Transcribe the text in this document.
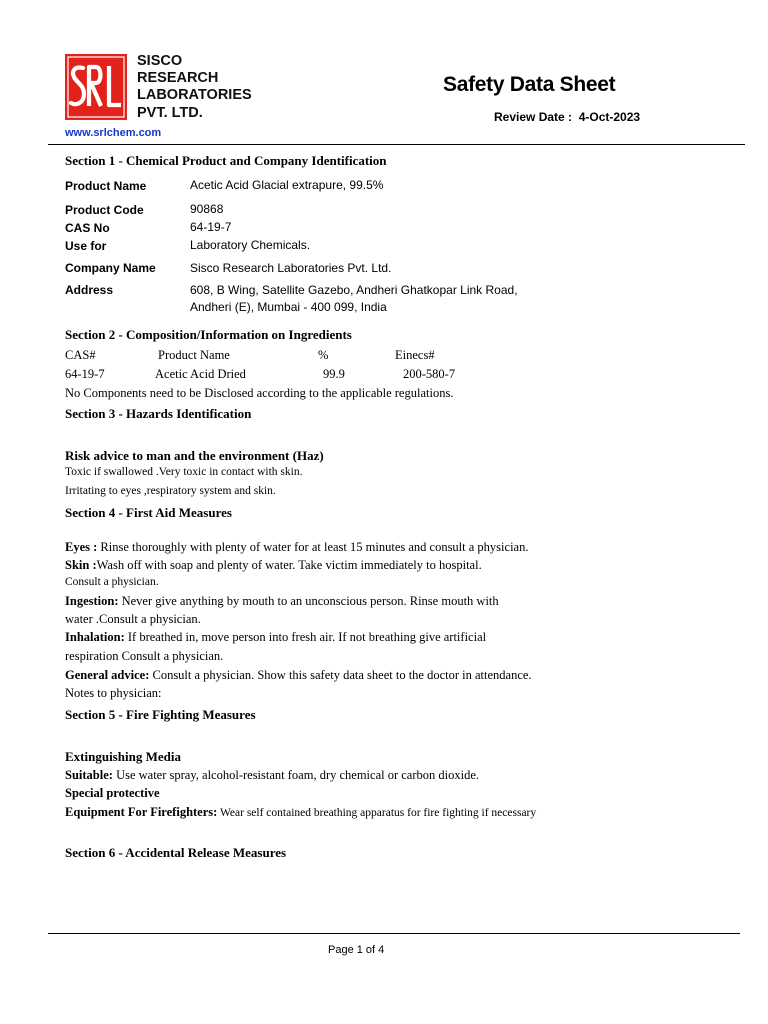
SISCO
RESEARCH
LABORATORIES
PVT. LTD.
www.srlchem.com
Safety Data Sheet
Review Date : 4-Oct-2023
Section 1 - Chemical Product and Company Identification
Product Name	Acetic Acid Glacial extrapure, 99.5%
Product Code	90868
CAS No	64-19-7
Use for	Laboratory Chemicals.
Company Name	Sisco Research Laboratories Pvt. Ltd.
Address	608, B Wing, Satellite Gazebo, Andheri Ghatkopar Link Road,
Andheri (E), Mumbai - 400 099, India
Section 2 - Composition/Information on Ingredients
CAS#	Product Name	%	Einecs#
64-19-7	Acetic Acid Dried	99.9	200-580-7
No Components need to be Disclosed according to the applicable regulations.
Section 3 - Hazards Identification
Risk advice to man and the environment (Haz)
Toxic if swallowed .Very toxic in contact with skin.
Irritating to eyes ,respiratory system and skin.
Section 4 - First Aid Measures
Eyes : Rinse thoroughly with plenty of water for at least 15 minutes and consult a physician.
Skin :Wash off with soap and plenty of water. Take victim immediately to hospital.
Consult a physician.
Ingestion: Never give anything by mouth to an unconscious person. Rinse mouth with
water .Consult a physician.
Inhalation: If breathed in, move person into fresh air. If not breathing give artificial
respiration Consult a physician.
General advice: Consult a physician. Show this safety data sheet to the doctor in attendance.
Notes to physician:
Section 5 - Fire Fighting Measures
Extinguishing Media
Suitable: Use water spray, alcohol-resistant foam, dry chemical or carbon dioxide.
Special protective
Equipment For Firefighters: Wear self contained breathing apparatus for fire fighting if necessary
Section 6 - Accidental Release Measures
Page 1 of 4
